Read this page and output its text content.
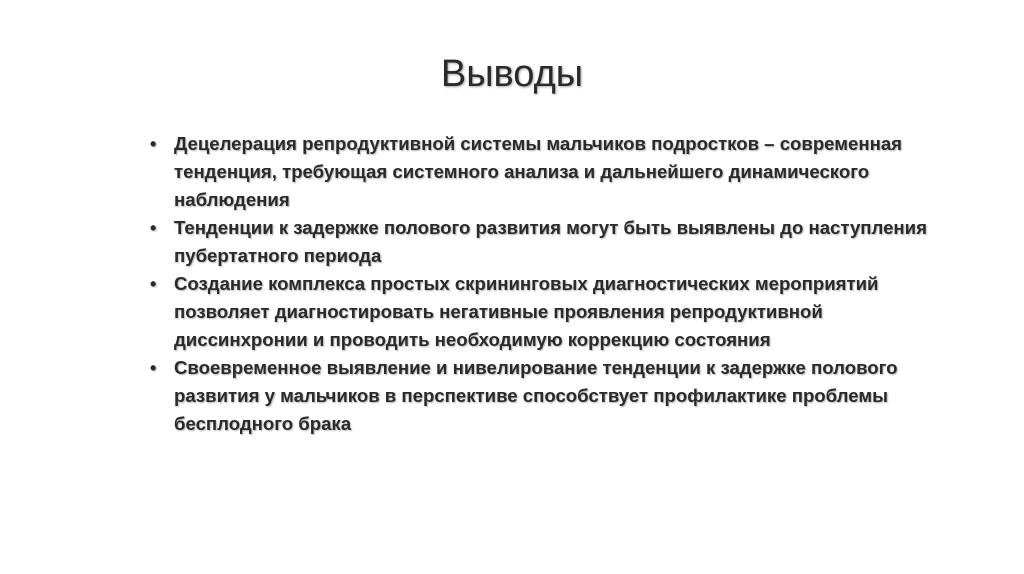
Выводы
• Децелерация репродуктивной системы мальчиков подростков – современная тенденция, требующая системного анализа и дальнейшего динамического наблюдения
• Тенденции к задержке полового развития могут быть выявлены до наступления пубертатного периода
• Создание комплекса простых скрининговых диагностических мероприятий позволяет диагностировать негативные проявления репродуктивной диссинхронии и проводить необходимую коррекцию состояния
• Своевременное выявление и нивелирование тенденции к задержке полового развития у мальчиков в перспективе способствует профилактике проблемы бесплодного брака
